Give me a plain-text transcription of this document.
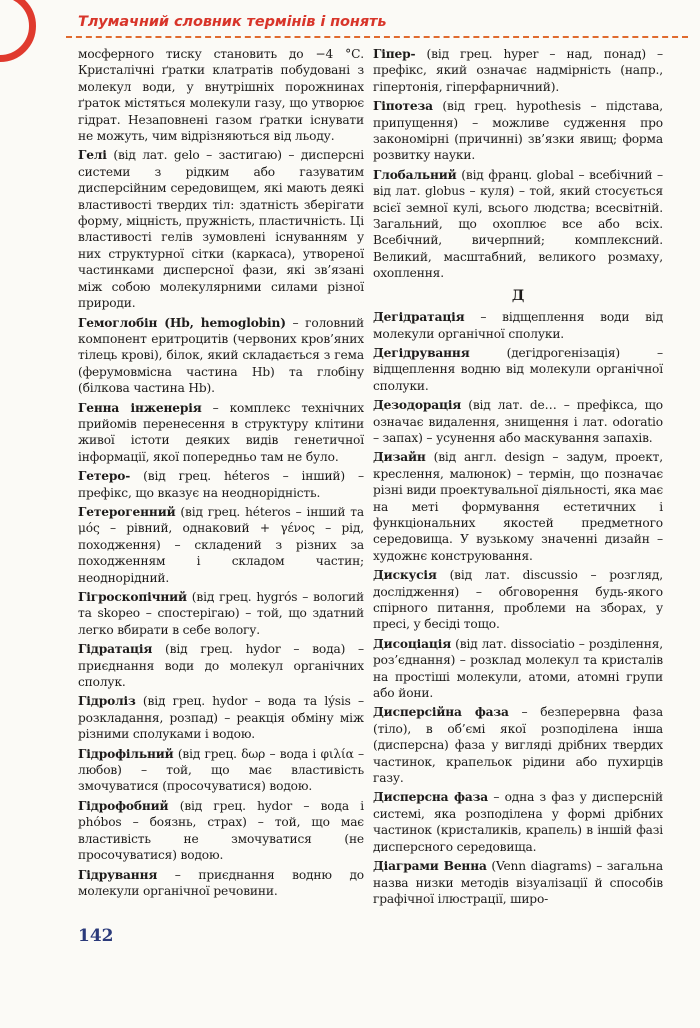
Тлумачний словник термінів і понять

мосферного тиску становить до −4 °С. Кристалічні ґратки клатратів побудовані з молекул води, у внутрішніх порожнинах ґраток містяться молекули газу, що утворює гідрат. Незаповнені газом ґратки існувати не можуть, чим відрізняються від льоду.

Гелі (від лат. gelo – застигаю) – дисперсні системи з рідким або газуватим дисперсійним середовищем, які мають деякі властивості твердих тіл: здатність зберігати форму, міцність, пружність, пластичність. Ці властивості гелів зумовлені існуванням у них структурної сітки (каркаса), утвореної частинками дисперсної фази, які зв’язані між собою молекулярними силами різної природи.

Гемоглобін (Hb, hemoglobin) – головний компонент еритроцитів (червоних кров’яних тілець крові), білок, який складається з гема (ферумовмісна частина Hb) та глобіну (білкова частина Hb).

Генна інженерія – комплекс технічних прийомів перенесення в структуру клітини живої істоти деяких видів генетичної інформації, якої попередньо там не було.

Гетеро- (від грец. héteros – інший) – префікс, що вказує на неоднорідність.

Гетерогенний (від грец. héteros – інший та μός – рівний, однаковий + γένος – рід, походження) – складений з різних за походженням і складом частин; неоднорідний.

Гігроскопічний (від грец. hygrós – вологий та skopeo – спостерігаю) – той, що здатний легко вбирати в себе вологу.

Гідратація (від грец. hydor – вода) – приєднання води до молекул органічних сполук.

Гідроліз (від грец. hydor – вода та lýsis – розкладання, розпад) – реакція обміну між різними сполуками і водою.

Гідрофільний (від грец. δωρ – вода і φιλία – любов) – той, що має властивість змочуватися (просочуватися) водою.

Гідрофобний (від грец. hydor – вода і phóbos – боязнь, страх) – той, що має властивість не змочуватися (не просочуватися) водою.

Гідрування – приєднання водню до молекули органічної речовини.

Гіпер- (від грец. hyper – над, понад) – префікс, який означає надмірність (напр., гіпертонія, гіперфарничний).

Гіпотеза (від грец. hypothesis – підстава, припущення) – можливе судження про закономірні (причинні) зв’язки явищ; форма розвитку науки.

Глобальний (від франц. global – всебічний – від лат. globus – куля) – той, який стосується всієї земної кулі, всього людства; всесвітній. Загальний, що охоплює все або всіх. Всебічний, вичерпний; комплексний. Великий, масштабний, великого розмаху, охоплення.

Д

Дегідратація – відщеплення води від молекули органічної сполуки.

Дегідрування (дегідрогенізація) – відщеплення водню від молекули органічної сполуки.

Дезодорація (від лат. de… – префікса, що означає видалення, знищення і лат. odoratio – запах) – усунення або маскування запахів.

Дизайн (від англ. design – задум, проект, креслення, малюнок) – термін, що позначає різні види проектувальної діяльності, яка має на меті формування естетичних і функціональних якостей предметного середовища. У вузькому значенні дизайн – художнє конструювання.

Дискусія (від лат. discussio – розгляд, дослідження) – обговорення будь-якого спірного питання, проблеми на зборах, у пресі, у бесіді тощо.

Дисоціація (від лат. dissociatio – розділення, роз’єднання) – розклад молекул та кристалів на простіші молекули, атоми, атомні групи або йони.

Дисперсійна фаза – безперервна фаза (тіло), в об’ємі якої розподілена інша (дисперсна) фаза у вигляді дрібних твердих частинок, крапельок рідини або пухирців газу.

Дисперсна фаза – одна з фаз у дисперсній системі, яка розподілена у формі дрібних частинок (кристаликів, крапель) в іншій фазі дисперсного середовища.

Діаграми Венна (Venn diagrams) – загальна назва низки методів візуалізації й способів графічної ілюстрації, широ-

142
